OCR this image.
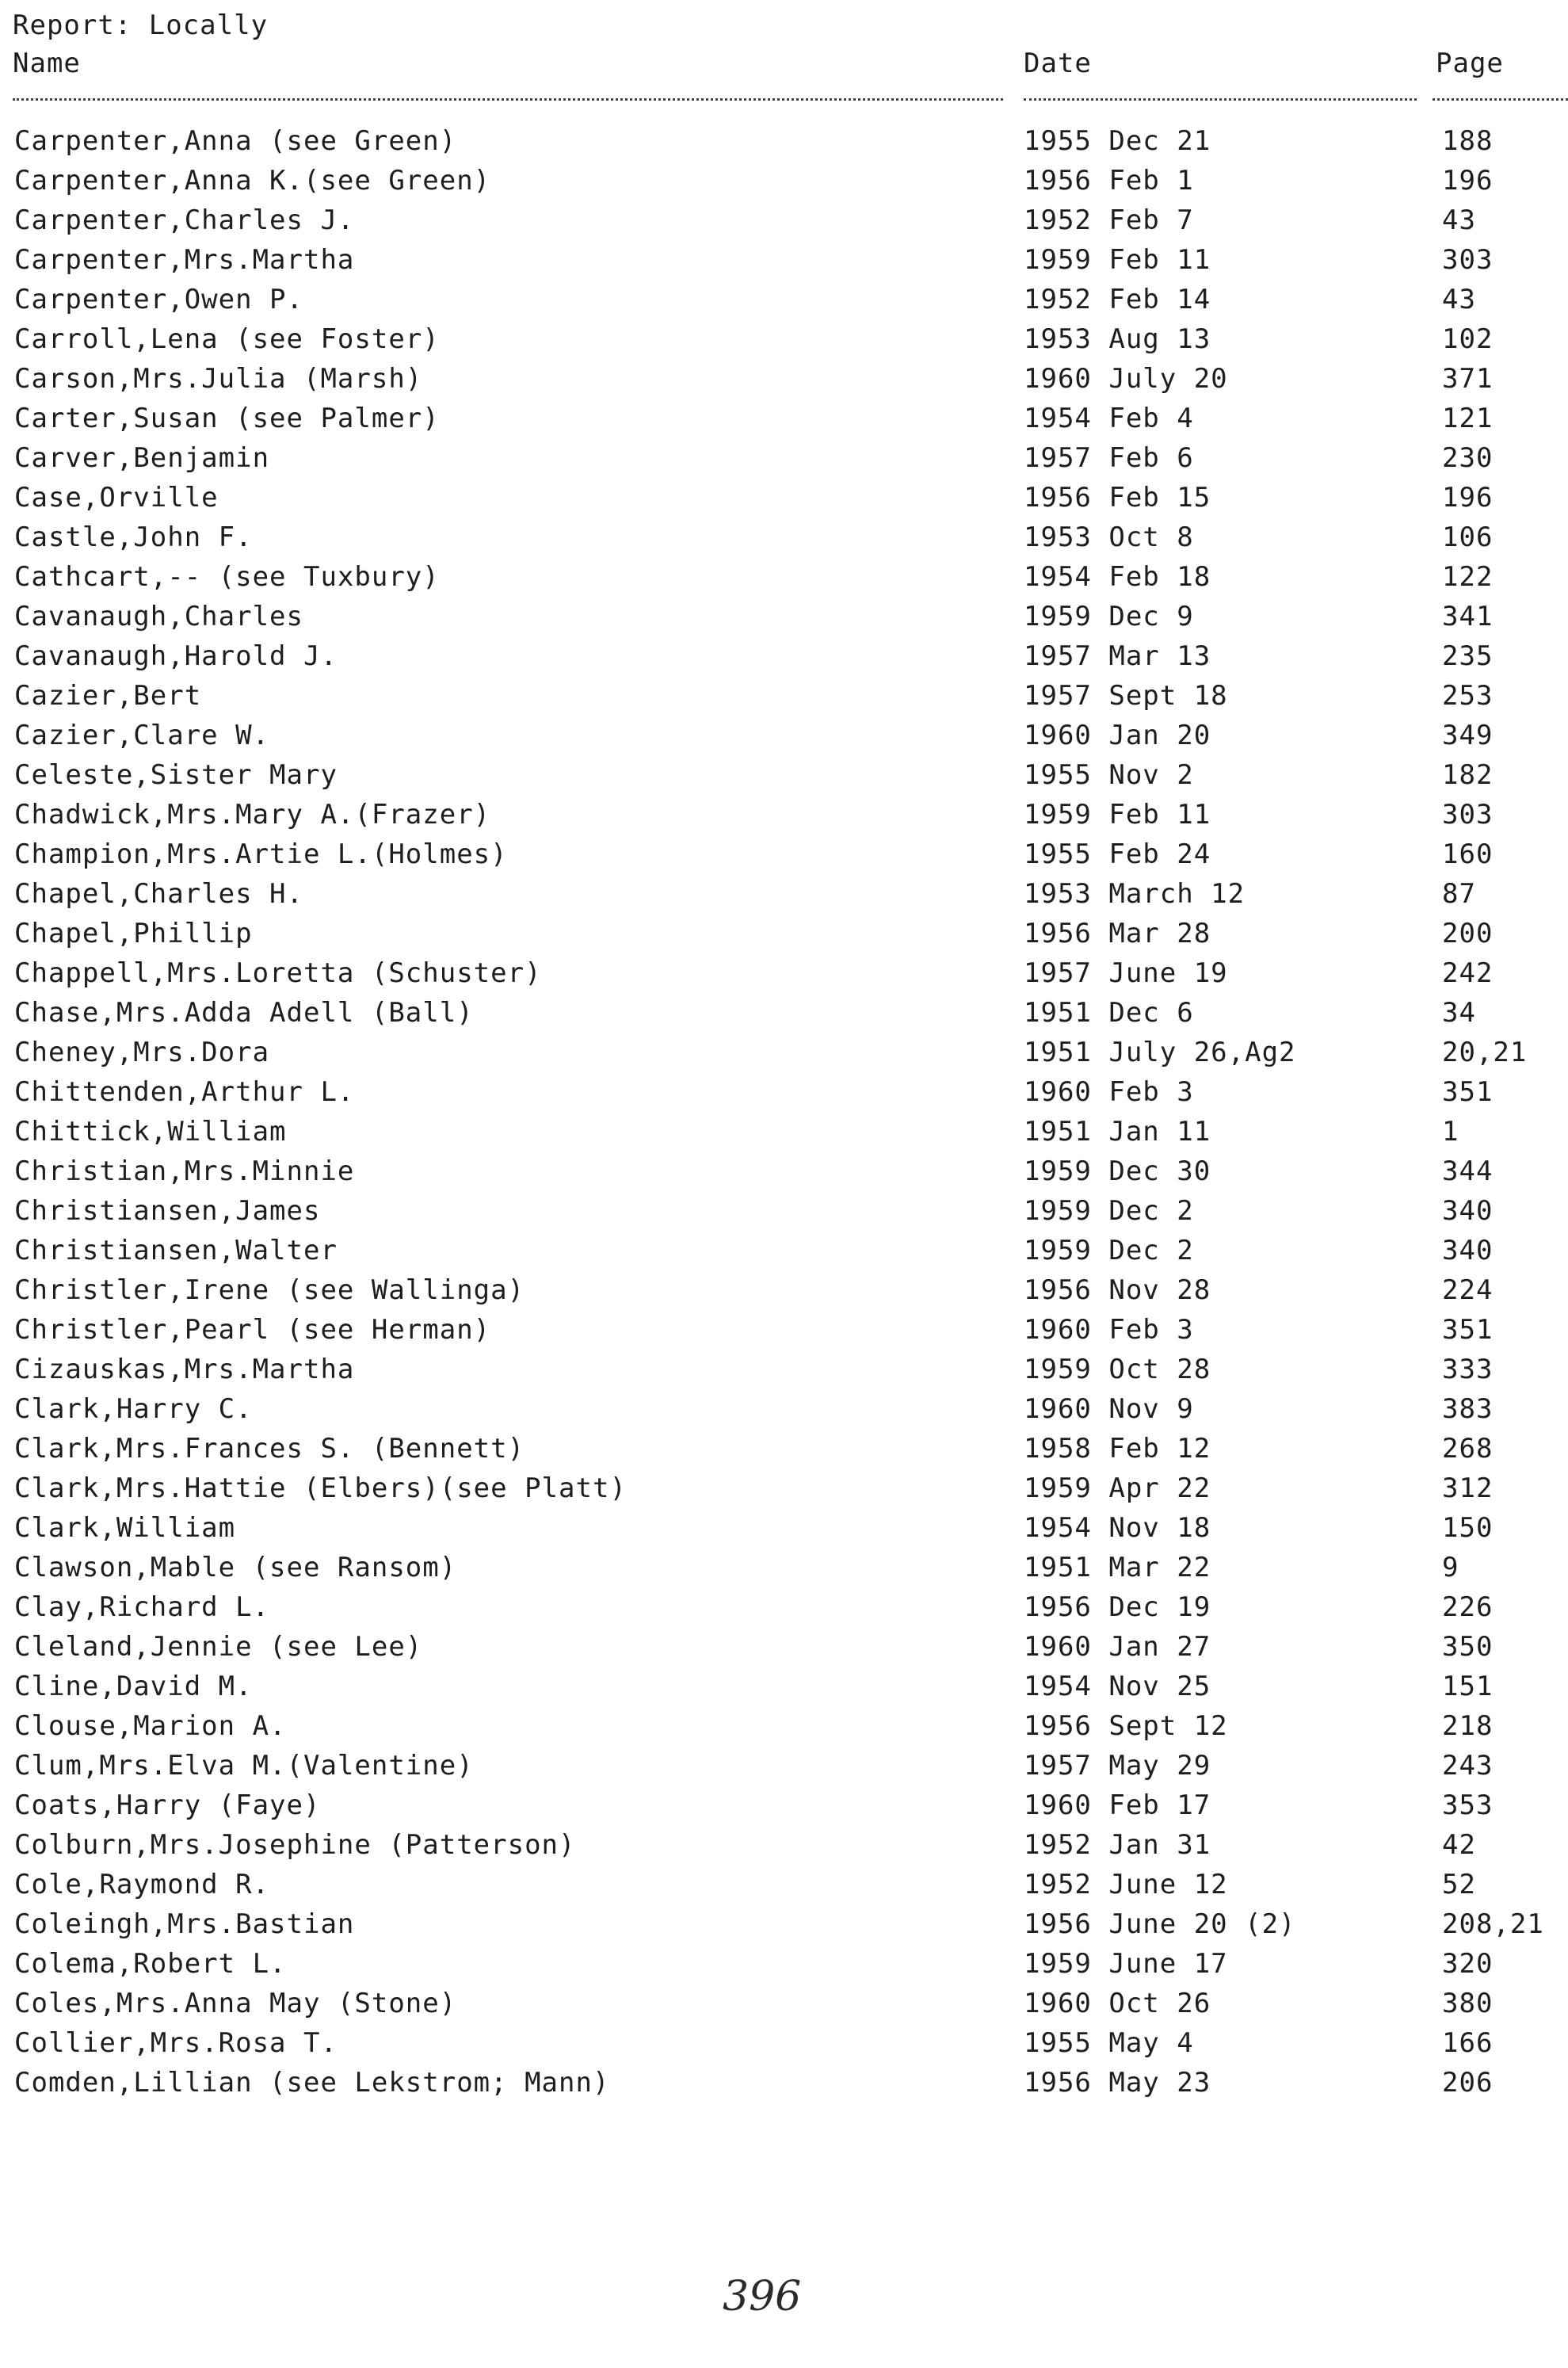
Report: Locally
Name	Date	Page
Carpenter,Anna (see Green)	1955 Dec 21	188
Carpenter,Anna K.(see Green)	1956 Feb 1	196
Carpenter,Charles J.	1952 Feb 7	43
Carpenter,Mrs.Martha	1959 Feb 11	303
Carpenter,Owen P.	1952 Feb 14	43
Carroll,Lena (see Foster)	1953 Aug 13	102
Carson,Mrs.Julia (Marsh)	1960 July 20	371
Carter,Susan (see Palmer)	1954 Feb 4	121
Carver,Benjamin	1957 Feb 6	230
Case,Orville	1956 Feb 15	196
Castle,John F.	1953 Oct 8	106
Cathcart,-- (see Tuxbury)	1954 Feb 18	122
Cavanaugh,Charles	1959 Dec 9	341
Cavanaugh,Harold J.	1957 Mar 13	235
Cazier,Bert	1957 Sept 18	253
Cazier,Clare W.	1960 Jan 20	349
Celeste,Sister Mary	1955 Nov 2	182
Chadwick,Mrs.Mary A.(Frazer)	1959 Feb 11	303
Champion,Mrs.Artie L.(Holmes)	1955 Feb 24	160
Chapel,Charles H.	1953 March 12	87
Chapel,Phillip	1956 Mar 28	200
Chappell,Mrs.Loretta (Schuster)	1957 June 19	242
Chase,Mrs.Adda Adell (Ball)	1951 Dec 6	34
Cheney,Mrs.Dora	1951 July 26,Ag2	20,21
Chittenden,Arthur L.	1960 Feb 3	351
Chittick,William	1951 Jan 11	1
Christian,Mrs.Minnie	1959 Dec 30	344
Christiansen,James	1959 Dec 2	340
Christiansen,Walter	1959 Dec 2	340
Christler,Irene (see Wallinga)	1956 Nov 28	224
Christler,Pearl (see Herman)	1960 Feb 3	351
Cizauskas,Mrs.Martha	1959 Oct 28	333
Clark,Harry C.	1960 Nov 9	383
Clark,Mrs.Frances S. (Bennett)	1958 Feb 12	268
Clark,Mrs.Hattie (Elbers)(see Platt)	1959 Apr 22	312
Clark,William	1954 Nov 18	150
Clawson,Mable (see Ransom)	1951 Mar 22	9
Clay,Richard L.	1956 Dec 19	226
Cleland,Jennie (see Lee)	1960 Jan 27	350
Cline,David M.	1954 Nov 25	151
Clouse,Marion A.	1956 Sept 12	218
Clum,Mrs.Elva M.(Valentine)	1957 May 29	243
Coats,Harry (Faye)	1960 Feb 17	353
Colburn,Mrs.Josephine (Patterson)	1952 Jan 31	42
Cole,Raymond R.	1952 June 12	52
Coleingh,Mrs.Bastian	1956 June 20 (2)	208,21
Colema,Robert L.	1959 June 17	320
Coles,Mrs.Anna May (Stone)	1960 Oct 26	380
Collier,Mrs.Rosa T.	1955 May 4	166
Comden,Lillian (see Lekstrom; Mann)	1956 May 23	206
396
